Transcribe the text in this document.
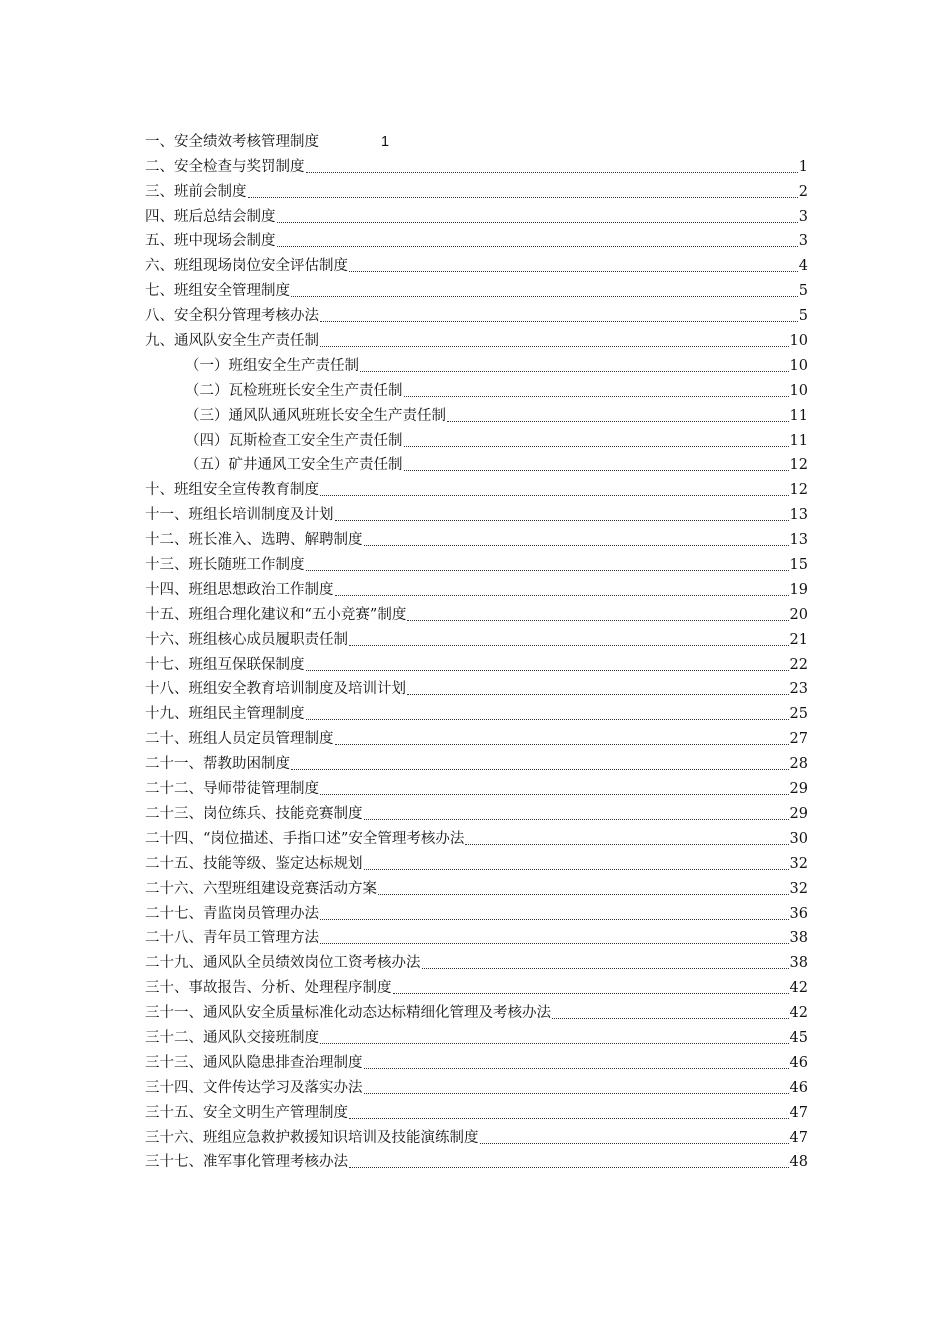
一、安全绩效考核管理制度	1
二、安全检查与奖罚制度	1
三、班前会制度	2
四、班后总结会制度	3
五、班中现场会制度	3
六、班组现场岗位安全评估制度	4
七、班组安全管理制度	5
八、安全积分管理考核办法	5
九、通风队安全生产责任制	10
（一）班组安全生产责任制	10
（二）瓦检班班长安全生产责任制	10
（三）通风队通风班班长安全生产责任制	11
（四）瓦斯检查工安全生产责任制	11
（五）矿井通风工安全生产责任制	12
十、班组安全宣传教育制度	12
十一、班组长培训制度及计划	13
十二、班长准入、选聘、解聘制度	13
十三、班长随班工作制度	15
十四、班组思想政治工作制度	19
十五、班组合理化建议和“五小竞赛”制度	20
十六、班组核心成员履职责任制	21
十七、班组互保联保制度	22
十八、班组安全教育培训制度及培训计划	23
十九、班组民主管理制度	25
二十、班组人员定员管理制度	27
二十一、帮教助困制度	28
二十二、导师带徒管理制度	29
二十三、岗位练兵、技能竞赛制度	29
二十四、“岗位描述、手指口述”安全管理考核办法	30
二十五、技能等级、鉴定达标规划	32
二十六、六型班组建设竞赛活动方案	32
二十七、青监岗员管理办法	36
二十八、青年员工管理方法	38
二十九、通风队全员绩效岗位工资考核办法	38
三十、事故报告、分析、处理程序制度	42
三十一、通风队安全质量标准化动态达标精细化管理及考核办法	42
三十二、通风队交接班制度	45
三十三、通风队隐患排查治理制度	46
三十四、文件传达学习及落实办法	46
三十五、安全文明生产管理制度	47
三十六、班组应急救护救援知识培训及技能演练制度	47
三十七、准军事化管理考核办法	48
